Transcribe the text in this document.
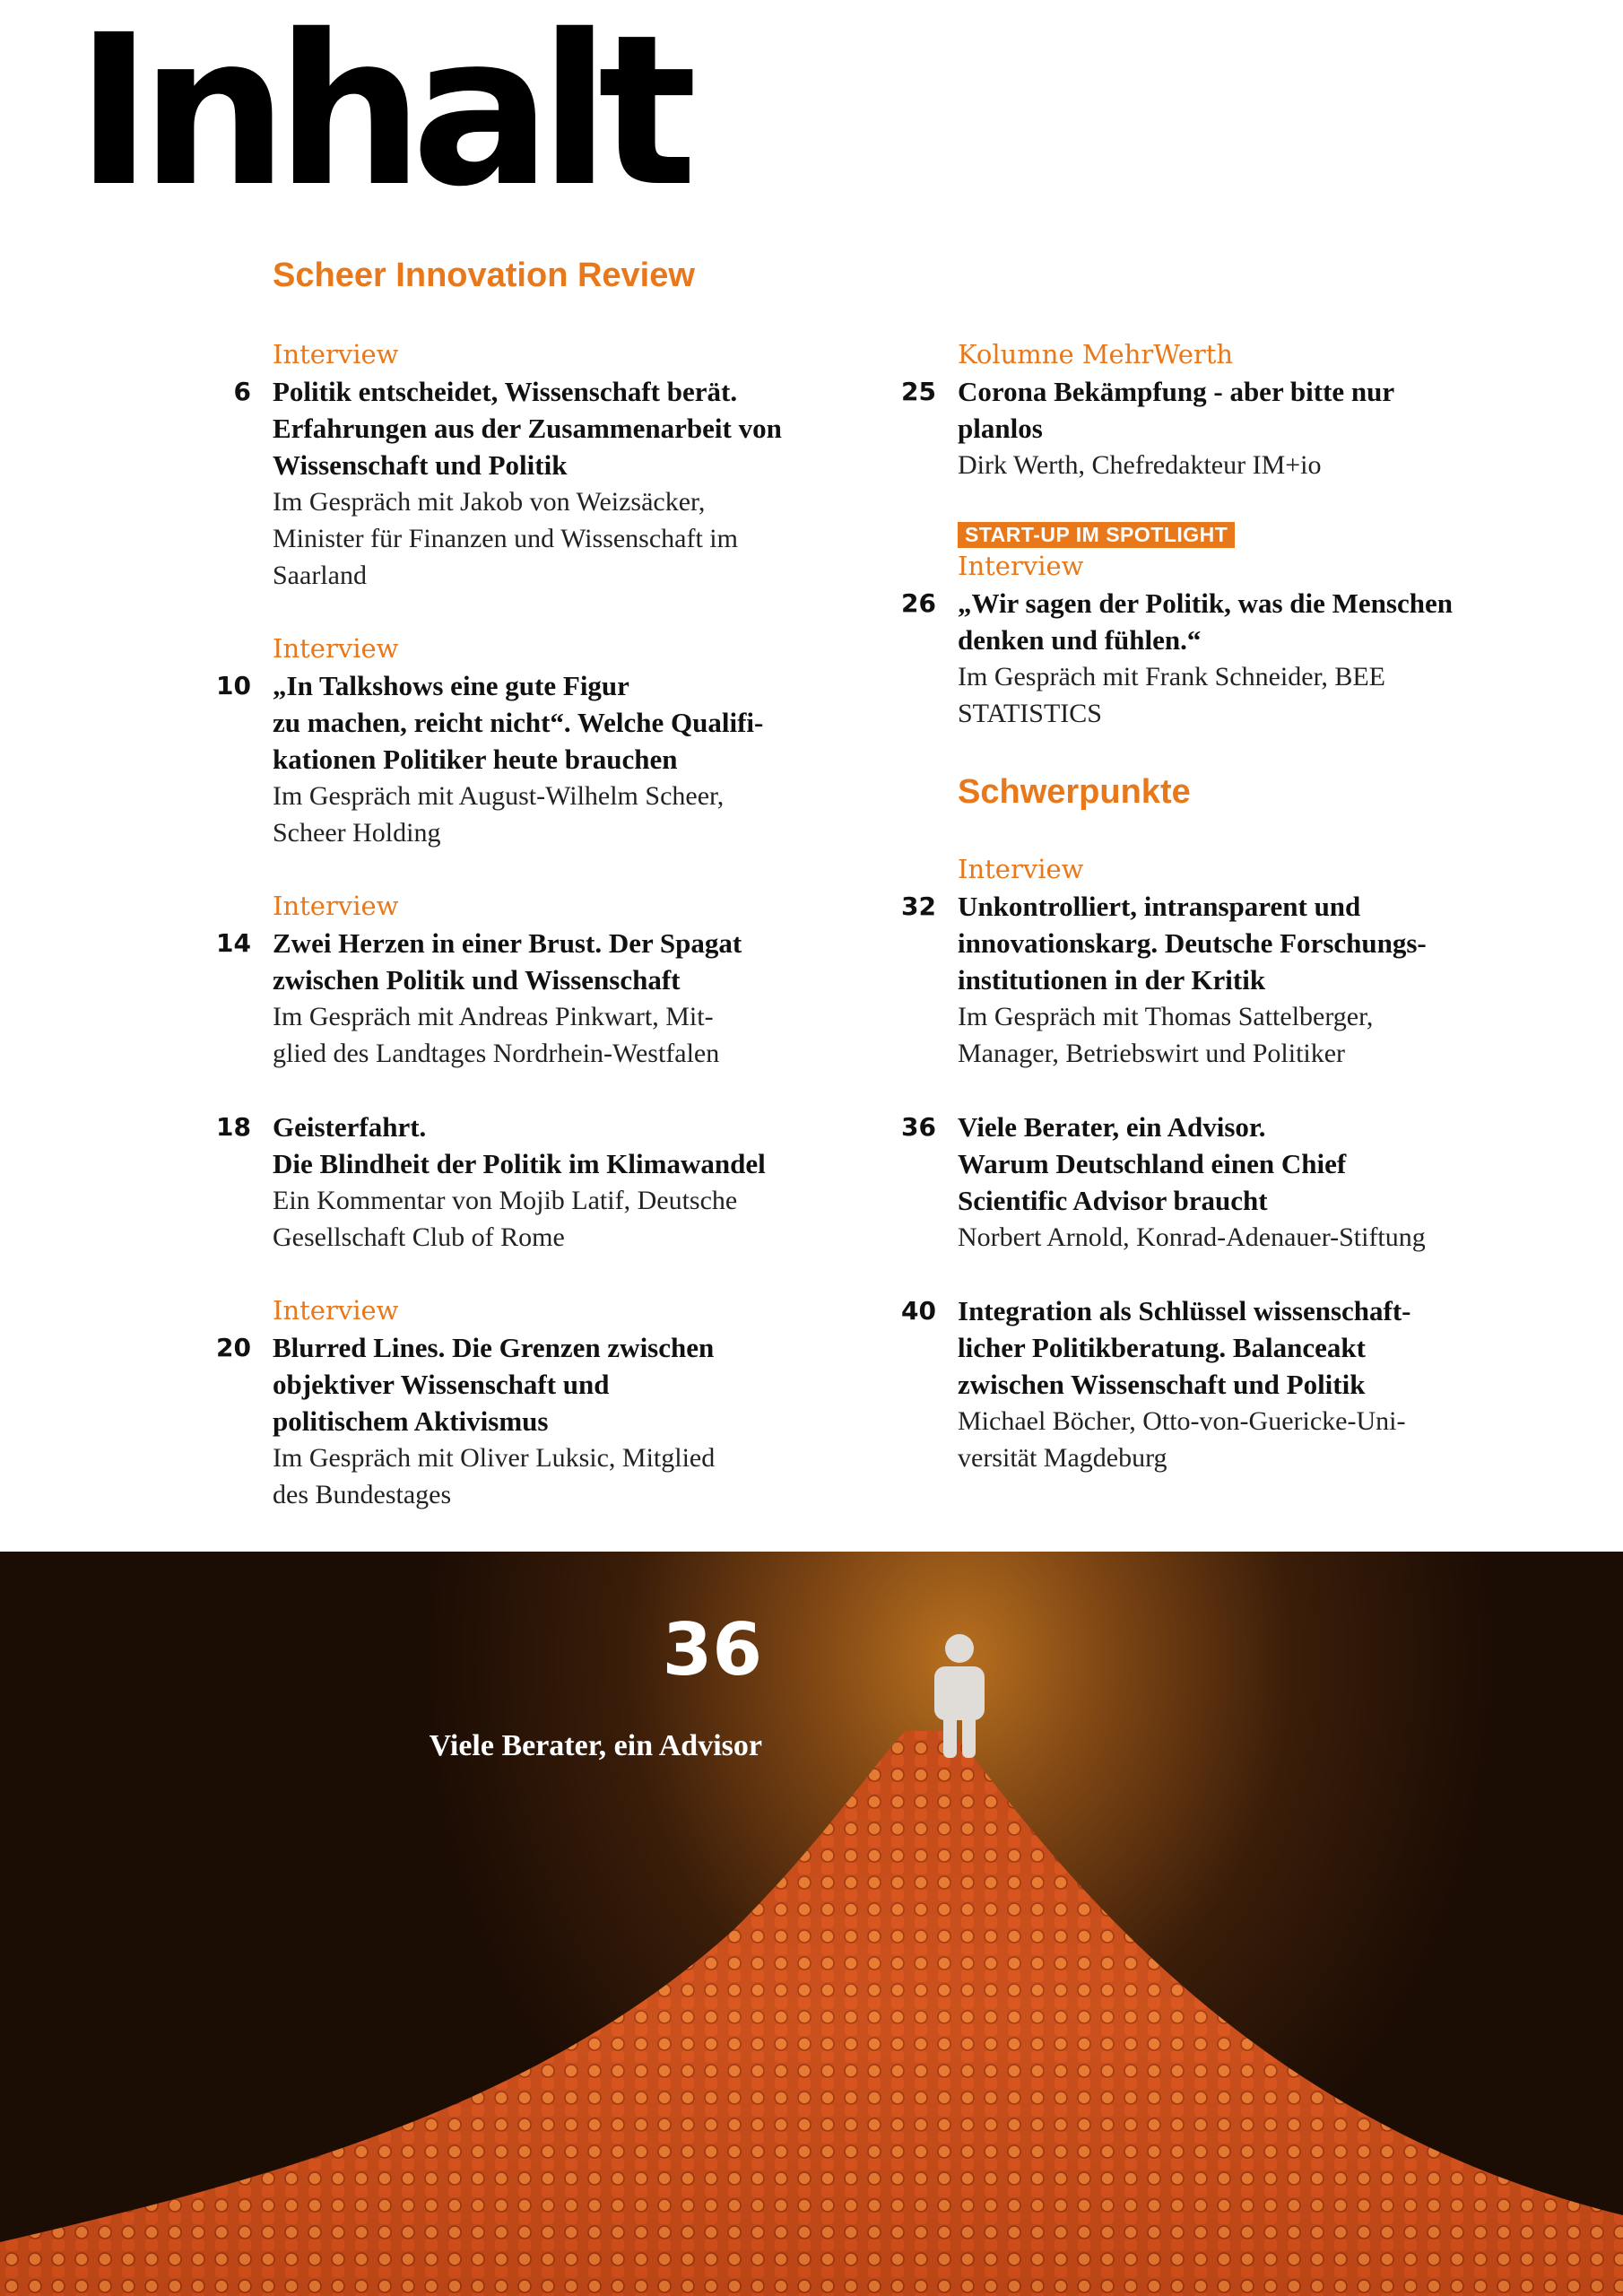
Inhalt
Scheer Innovation Review
Schwerpunkte
Interview
6 Politik entscheidet, Wissenschaft berät.
Erfahrungen aus der Zusammenarbeit von
Wissenschaft und Politik
Im Gespräch mit Jakob von Weizsäcker,
Minister für Finanzen und Wissenschaft im
Saarland
Interview
10 „In Talkshows eine gute Figur
zu machen, reicht nicht“. Welche Qualifi-
kationen Politiker heute brauchen
Im Gespräch mit August-Wilhelm Scheer,
Scheer Holding
Interview
14 Zwei Herzen in einer Brust. Der Spagat
zwischen Politik und Wissenschaft
Im Gespräch mit Andreas Pinkwart, Mit-
glied des Landtages Nordrhein-Westfalen
18 Geisterfahrt.
Die Blindheit der Politik im Klimawandel
Ein Kommentar von Mojib Latif, Deutsche
Gesellschaft Club of Rome
Interview
20 Blurred Lines. Die Grenzen zwischen
objektiver Wissenschaft und
politischem Aktivismus
Im Gespräch mit Oliver Luksic, Mitglied
des Bundestages
Kolumne MehrWerth
25 Corona Bekämpfung - aber bitte nur
planlos
Dirk Werth, Chefredakteur IM+io
START-UP IM SPOTLIGHT
Interview
26 „Wir sagen der Politik, was die Menschen
denken und fühlen.“
Im Gespräch mit Frank Schneider, BEE
STATISTICS
Interview
32 Unkontrolliert, intransparent und
innovationskarg. Deutsche Forschungs-
institutionen in der Kritik
Im Gespräch mit Thomas Sattelberger,
Manager, Betriebswirt und Politiker
36 Viele Berater, ein Advisor.
Warum Deutschland einen Chief
Scientific Advisor braucht
Norbert Arnold, Konrad-Adenauer-Stiftung
40 Integration als Schlüssel wissenschaft-
licher Politikberatung. Balanceakt
zwischen Wissenschaft und Politik
Michael Böcher, Otto-von-Guericke-Uni-
versität Magdeburg
36
Viele Berater, ein Advisor
